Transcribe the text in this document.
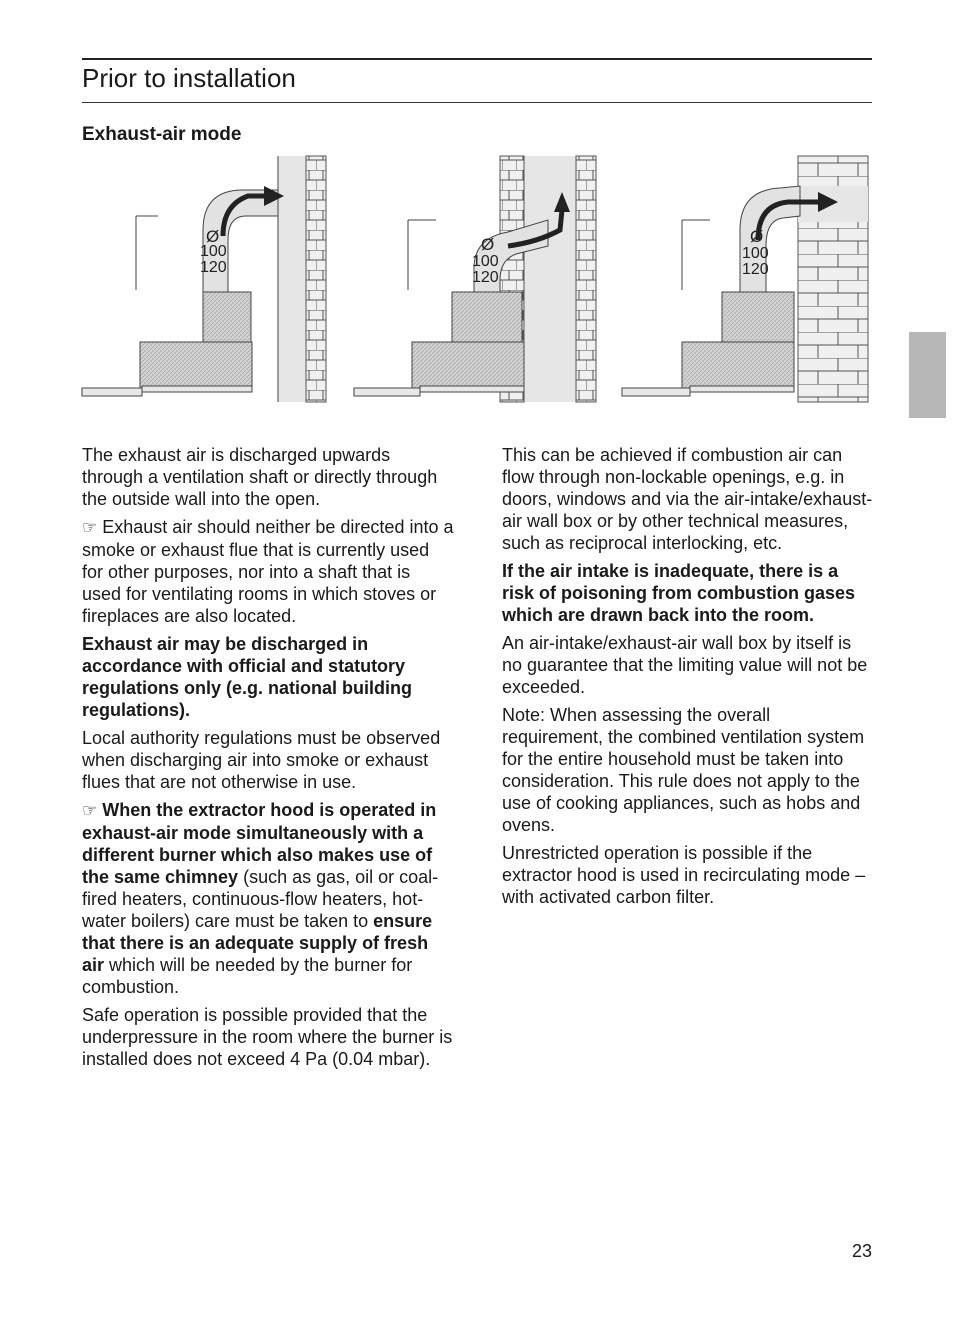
Prior to installation
Exhaust-air mode
Ø
100
120
Ø
100
120
Ø
100
120

The exhaust air is discharged upwards through a ventilation shaft or directly through the outside wall into the open.

☞ Exhaust air should neither be directed into a smoke or exhaust flue that is currently used for other purposes, nor into a shaft that is used for ventilating rooms in which stoves or fireplaces are also located.

Exhaust air may be discharged in accordance with official and statutory regulations only (e.g. national building regulations).

Local authority regulations must be observed when discharging air into smoke or exhaust flues that are not otherwise in use.

☞ When the extractor hood is operated in exhaust-air mode simultaneously with a different burner which also makes use of the same chimney (such as gas, oil or coal-fired heaters, continuous-flow heaters, hot-water boilers) care must be taken to ensure that there is an adequate supply of fresh air which will be needed by the burner for combustion.

Safe operation is possible provided that the underpressure in the room where the burner is installed does not exceed 4 Pa (0.04 mbar).

This can be achieved if combustion air can flow through non-lockable openings, e.g. in doors, windows and via the air-intake/exhaust-air wall box or by other technical measures, such as reciprocal interlocking, etc.

If the air intake is inadequate, there is a risk of poisoning from combustion gases which are drawn back into the room.

An air-intake/exhaust-air wall box by itself is no guarantee that the limiting value will not be exceeded.

Note: When assessing the overall requirement, the combined ventilation system for the entire household must be taken into consideration. This rule does not apply to the use of cooking appliances, such as hobs and ovens.

Unrestricted operation is possible if the extractor hood is used in recirculating mode – with activated carbon filter.

23
